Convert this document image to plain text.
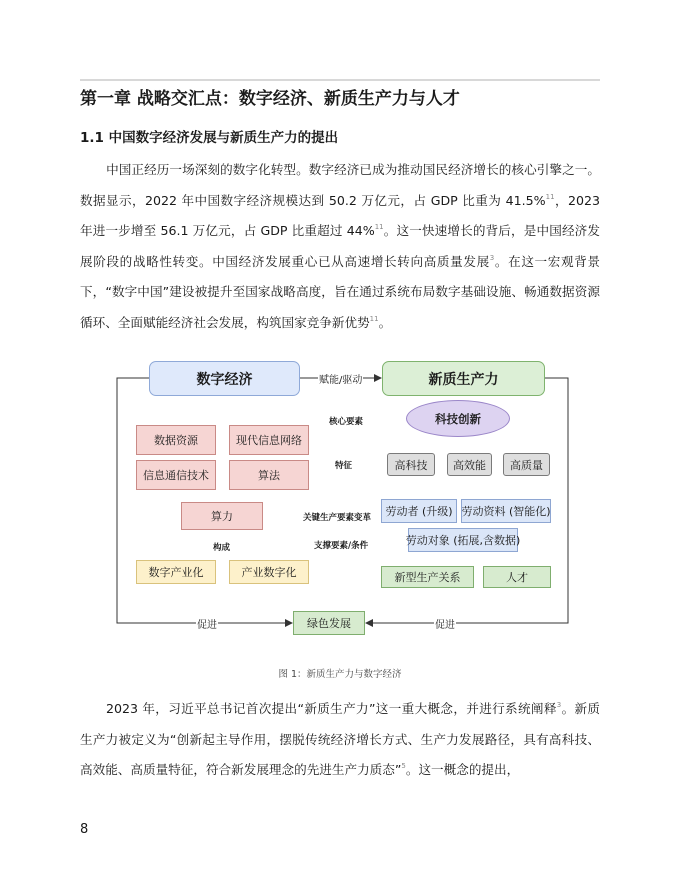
第一章 战略交汇点：数字经济、新质生产力与人才
1.1 中国数字经济发展与新质生产力的提出

中国正经历一场深刻的数字化转型。数字经济已成为推动国民经济增长的核心引擎之一。数据显示，2022 年中国数字经济规模达到 50.2 万亿元，占 GDP 比重为 41.5%$^{11}$，2023 年进一步增至 56.1 万亿元，占 GDP 比重超过 44%$^{11}$。这一快速增长的背后，是中国经济发展阶段的战略性转变。中国经济发展重心已从高速增长转向高质量发展$^3$。在这一宏观背景下，“数字中国”建设被提升至国家战略高度，旨在通过系统布局数字基础设施、畅通数据资源循环、全面赋能经济社会发展，构筑国家竞争新优势$^{11}$。

数字经济	新质生产力
赋能/驱动
数据资源	现代信息网络
信息通信技术	算法
算力
构成
数字产业化	产业数字化
核心要素
特征
关键生产要素变革
支撑要素/条件
科技创新
高科技	高效能	高质量
劳动者 (升级) 劳动资料 (智能化)
劳动对象 (拓展,含数据)
新型生产关系	人才
促进	促进
绿色发展
图 1：新质生产力与数字经济

2023 年，习近平总书记首次提出“新质生产力”这一重大概念，并进行系统阐释$^3$。新质生产力被定义为“创新起主导作用，摆脱传统经济增长方式、生产力发展路径，具有高科技、高效能、高质量特征，符合新发展理念的先进生产力质态”$^5$。这一概念的提出，

8
